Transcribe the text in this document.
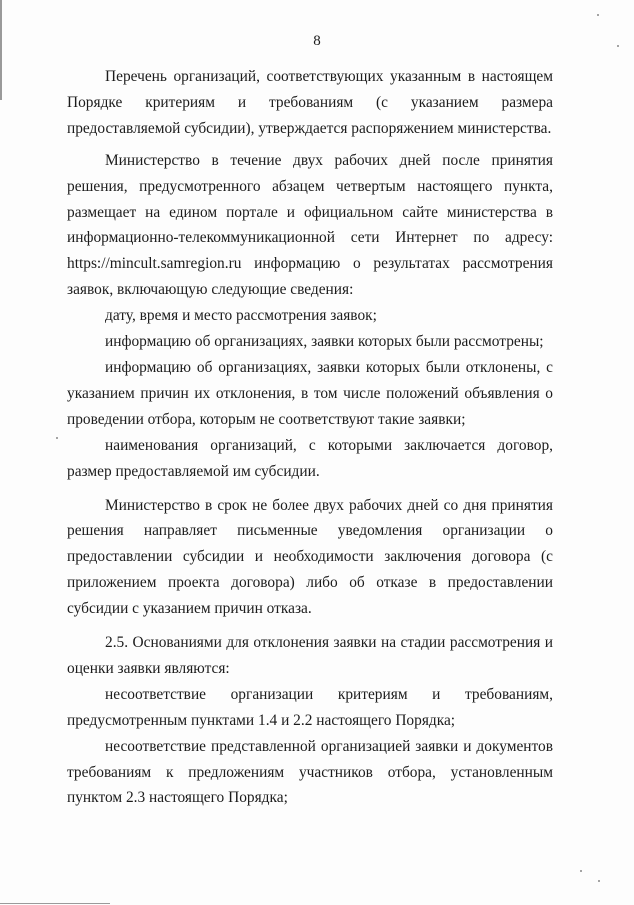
8

Перечень организаций, соответствующих указанным в настоящем Порядке критериям и требованиям (с указанием размера предоставляемой субсидии), утверждается распоряжением министерства.

Министерство в течение двух рабочих дней после принятия решения, предусмотренного абзацем четвертым настоящего пункта, размещает на едином портале и официальном сайте министерства в информационно-телекоммуникационной сети Интернет по адресу: https://mincult.samregion.ru информацию о результатах рассмотрения заявок, включающую следующие сведения:

дату, время и место рассмотрения заявок;

информацию об организациях, заявки которых были рассмотрены;

информацию об организациях, заявки которых были отклонены, с указанием причин их отклонения, в том числе положений объявления о проведении отбора, которым не соответствуют такие заявки;

наименования организаций, с которыми заключается договор, размер предоставляемой им субсидии.

Министерство в срок не более двух рабочих дней со дня принятия решения направляет письменные уведомления организации о предоставлении субсидии и необходимости заключения договора (с приложением проекта договора) либо об отказе в предоставлении субсидии с указанием причин отказа.

2.5. Основаниями для отклонения заявки на стадии рассмотрения и оценки заявки являются:

несоответствие организации критериям и требованиям, предусмотренным пунктами 1.4 и 2.2 настоящего Порядка;

несоответствие представленной организацией заявки и документов требованиям к предложениям участников отбора, установленным пунктом 2.3 настоящего Порядка;
